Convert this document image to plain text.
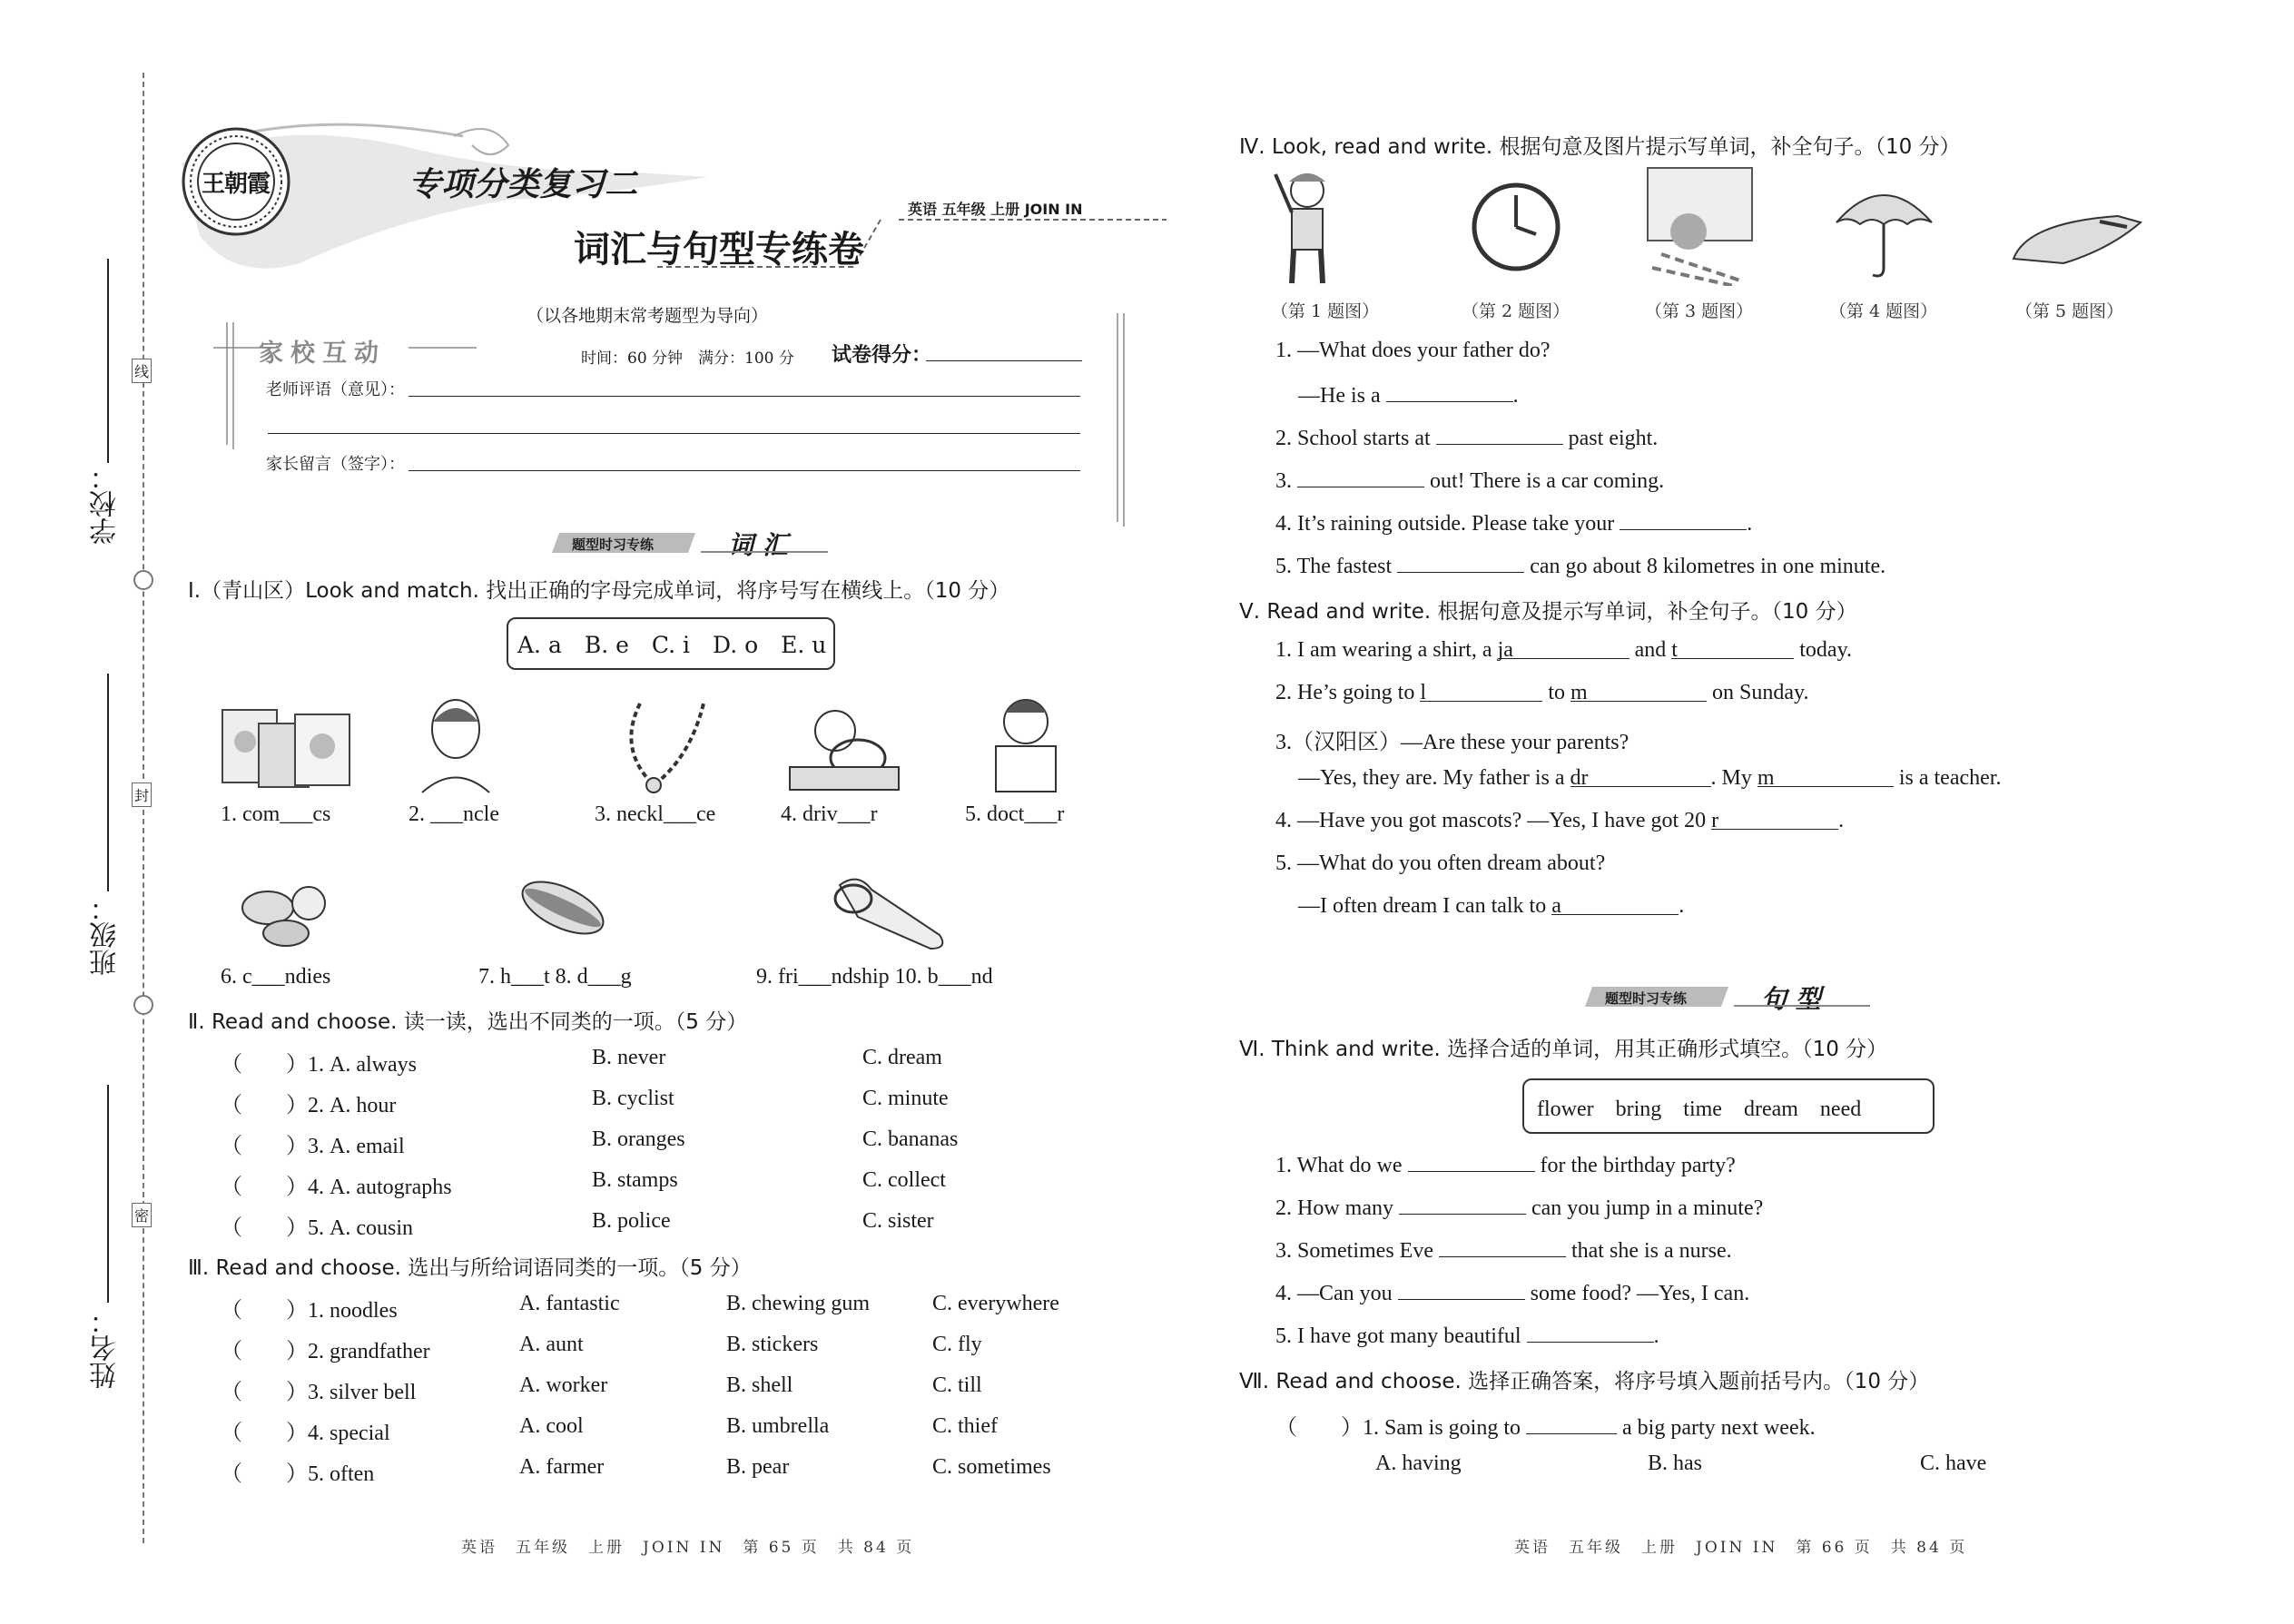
学校：
线
班级：
封
姓名：
密
王朝霞	专项分类复习二
英语 五年级 上册 JOIN IN
词汇与句型专练卷
（以各地期末常考题型为导向）
家校互动	时间：60 分钟　满分：100 分 试卷得分：
老师评语（意见）：
家长留言（签字）：
题型时习专练	词 汇
Ⅰ.（青山区）Look and match. 找出正确的字母完成单词，将序号写在横线上。（10 分）
A. a　B. e　C. i　D. o　E. u
1. com___cs	2. ___ncle	3. neckl___ce	4. driv___r	5. doct___r
6. c___ndies	7. h___t 8. d___g	9. fri___ndship 10. b___nd
Ⅱ. Read and choose. 读一读，选出不同类的一项。（5 分）
（　　）1. A. always	B. never	C. dream
（　　）2. A. hour	B. cyclist	C. minute
（　　）3. A. email	B. oranges	C. bananas
（　　）4. A. autographs	B. stamps	C. collect
（　　）5. A. cousin	B. police	C. sister
Ⅲ. Read and choose. 选出与所给词语同类的一项。（5 分）
（　　）1. noodles	A. fantastic	B. chewing gum	C. everywhere
（　　）2. grandfather	A. aunt	B. stickers	C. fly
（　　）3. silver bell	A. worker	B. shell	C. till
（　　）4. special	A. cool	B. umbrella	C. thief
（　　）5. often	A. farmer	B. pear	C. sometimes
英语　五年级　上册　JOIN IN　第 65 页　共 84 页
Ⅳ. Look, read and write. 根据句意及图片提示写单词，补全句子。（10 分）
（第 1 题图）	（第 2 题图）	（第 3 题图）	（第 4 题图）	（第 5 题图）
1. —What does your father do?
—He is a	.
2. School starts at	past eight.
3.	out! There is a car coming.
4. It’s raining outside. Please take your	.
5. The fastest	can go about 8 kilometres in one minute.
Ⅴ. Read and write. 根据句意及提示写单词，补全句子。（10 分）
1. I am wearing a shirt, a ja	and t	today.
2. He’s going to l	to m	on Sunday.
3.（汉阳区）—Are these your parents?
—Yes, they are. My father is a dr	. My m	is a teacher.
4. —Have you got mascots? —Yes, I have got 20 r	.
5. —What do you often dream about?
—I often dream I can talk to a	.
题型时习专练	句 型
Ⅵ. Think and write. 选择合适的单词，用其正确形式填空。（10 分）
flower　bring　time　dream　need
1. What do we	for the birthday party?
2. How many	can you jump in a minute?
3. Sometimes Eve	that she is a nurse.
4. —Can you	some food? —Yes, I can.
5. I have got many beautiful	.
Ⅶ. Read and choose. 选择正确答案，将序号填入题前括号内。（10 分）
（　　）1. Sam is going to	a big party next week.
A. having	B. has	C. have
英语　五年级　上册　JOIN IN　第 66 页　共 84 页
